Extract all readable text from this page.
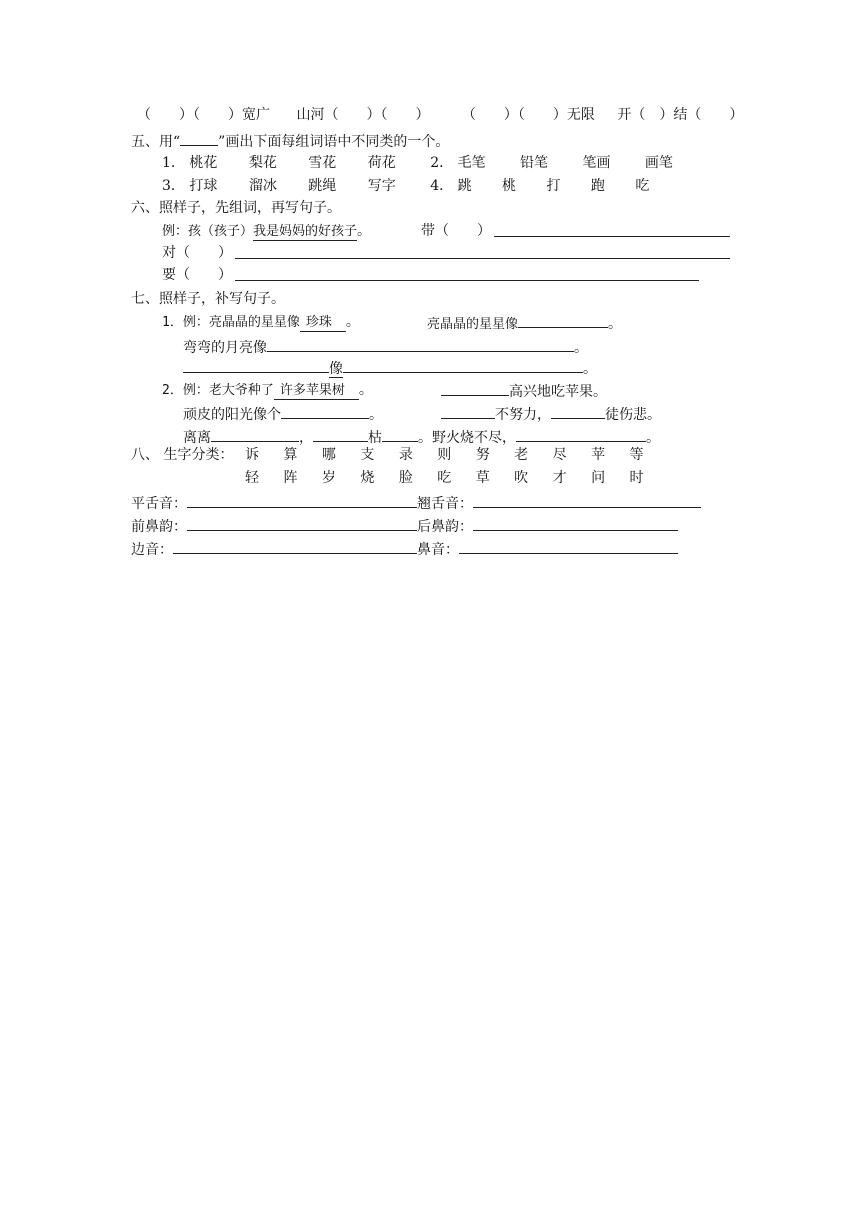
（　　）（　　）宽广 山河（　　）（　　） （　　）（　　）无限 开（　）结（　　）
五、用“	”画出下面每组词语中不同类的一个。
1． 桃花 梨花 雪花 荷花 2． 毛笔 铅笔 笔画 画笔
3． 打球 溜冰 跳绳 写字 4． 跳 桃 打 跑 吃
六、照样子，先组词，再写句子。
例：孩（孩子）我是妈妈的好孩子。	带（　　）
对（　　）
要（　　）
七、照样子，补写句子。
1．例：亮晶晶的星星像 珍珠 。	亮晶晶的星星像	。
弯弯的月亮像	。
像	。
2．例：老大爷种了 许多苹果树 。	高兴地吃苹果。
顽皮的阳光像个	。	不努力，	徒伤悲。
离离	，	枯	。野火烧不尽，	。
八、 生字分类： 诉 算 哪 支 录 则 努 老 尽 苹 等
轻 阵 岁 烧 脸 吃 草 吹 才 问 时
平舌音：	翘舌音：
前鼻韵：	后鼻韵：
边音：	鼻音：
